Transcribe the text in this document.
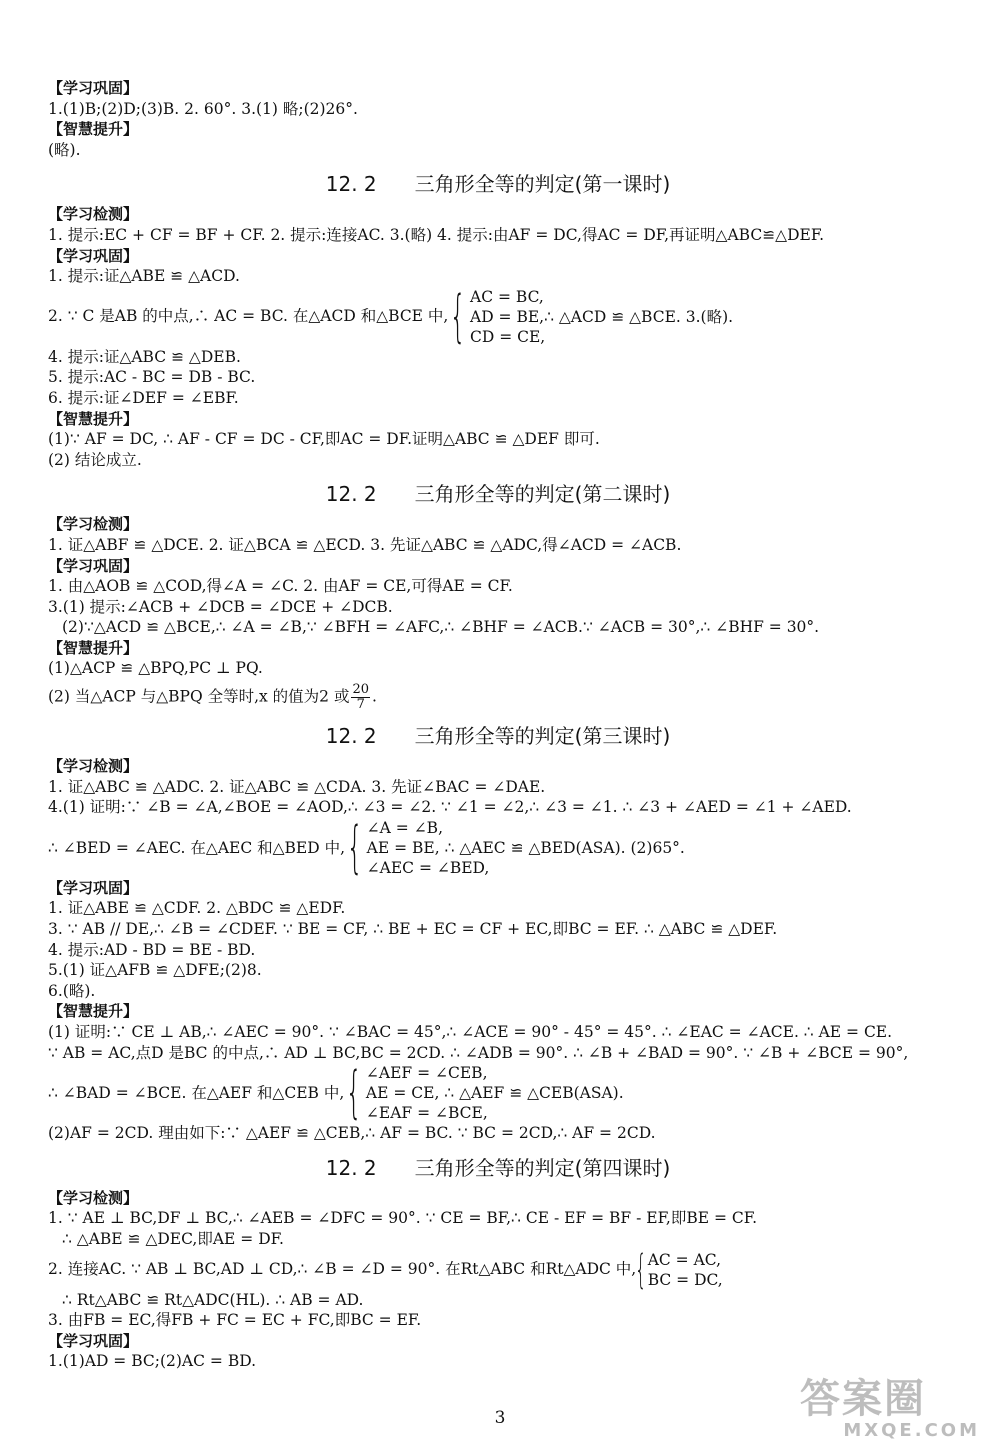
【学习巩固】
1.(1)B;(2)D;(3)B. 2. 60°. 3.(1) 略;(2)26°.
【智慧提升】
(略).
12. 2 三角形全等的判定(第一课时)
【学习检测】
1. 提示:EC + CF = BF + CF. 2. 提示:连接AC. 3.(略) 4. 提示:由AF = DC,得AC = DF,再证明△ABC≌△DEF.
【学习巩固】
1. 提示:证△ABE ≌ △ACD.
2. ∵ C 是AB 的中点,∴ AC = BC. 在△ACD 和△BCE 中, { AC = BC,
AD = BE,∴ △ACD ≌ △BCE. 3.(略).
CD = CE,
4. 提示:证△ABC ≌ △DEB.
5. 提示:AC - BC = DB - BC.
6. 提示:证∠DEF = ∠EBF.
【智慧提升】
(1)∵ AF = DC, ∴ AF - CF = DC - CF,即AC = DF.证明△ABC ≌ △DEF 即可.
(2) 结论成立.
12. 2 三角形全等的判定(第二课时)
【学习检测】
1. 证△ABF ≌ △DCE. 2. 证△BCA ≌ △ECD. 3. 先证△ABC ≌ △ADC,得∠ACD = ∠ACB.
【学习巩固】
1. 由△AOB ≌ △COD,得∠A = ∠C. 2. 由AF = CE,可得AE = CF.
3.(1) 提示:∠ACB + ∠DCB = ∠DCE + ∠DCB.
(2)∵△ACD ≌ △BCE,∴ ∠A = ∠B,∵ ∠BFH = ∠AFC,∴ ∠BHF = ∠ACB.∵ ∠ACB = 30°,∴ ∠BHF = 30°.
【智慧提升】
(1)△ACP ≌ △BPQ,PC ⊥ PQ.
(2) 当△ACP 与△BPQ 全等时,x 的值为2 或 $\frac{20}{7}$ .
12. 2 三角形全等的判定(第三课时)
【学习检测】
1. 证△ABC ≌ △ADC. 2. 证△ABC ≌ △CDA. 3. 先证∠BAC = ∠DAE.
4.(1) 证明:∵ ∠B = ∠A,∠BOE = ∠AOD,∴ ∠3 = ∠2. ∵ ∠1 = ∠2,∴ ∠3 = ∠1. ∴ ∠3 + ∠AED = ∠1 + ∠AED.
∴ ∠BED = ∠AEC. 在△AEC 和△BED 中, { ∠A = ∠B,
AE = BE, ∴ △AEC ≌ △BED(ASA). (2)65°.
∠AEC = ∠BED,
【学习巩固】
1. 证△ABE ≌ △CDF. 2. △BDC ≌ △EDF.
3. ∵ AB // DE,∴ ∠B = ∠CDEF. ∵ BE = CF, ∴ BE + EC = CF + EC,即BC = EF. ∴ △ABC ≌ △DEF.
4. 提示:AD - BD = BE - BD.
5.(1) 证△AFB ≌ △DFE;(2)8.
6.(略).
【智慧提升】
(1) 证明:∵ CE ⊥ AB,∴ ∠AEC = 90°. ∵ ∠BAC = 45°,∴ ∠ACE = 90° - 45° = 45°. ∴ ∠EAC = ∠ACE. ∴ AE = CE.
∵ AB = AC,点D 是BC 的中点,∴ AD ⊥ BC,BC = 2CD. ∴ ∠ADB = 90°. ∴ ∠B + ∠BAD = 90°. ∵ ∠B + ∠BCE = 90°,
∴ ∠BAD = ∠BCE. 在△AEF 和△CEB 中, { ∠AEF = ∠CEB,
AE = CE, ∴ △AEF ≌ △CEB(ASA).
∠EAF = ∠BCE,
(2)AF = 2CD. 理由如下:∵ △AEF ≌ △CEB,∴ AF = BC. ∵ BC = 2CD,∴ AF = 2CD.
12. 2 三角形全等的判定(第四课时)
【学习检测】
1. ∵ AE ⊥ BC,DF ⊥ BC,∴ ∠AEB = ∠DFC = 90°. ∵ CE = BF,∴ CE - EF = BF - EF,即BE = CF.
∴ △ABE ≌ △DEC,即AE = DF.
2. 连接AC. ∵ AB ⊥ BC,AD ⊥ CD,∴ ∠B = ∠D = 90°. 在Rt△ABC 和Rt△ADC 中,
{ AC = AC,
BC = DC,
∴ Rt△ABC ≌ Rt△ADC(HL). ∴ AB = AD.
3. 由FB = EC,得FB + FC = EC + FC,即BC = EF.
【学习巩固】
1.(1)AD = BC;(2)AC = BD.
3	答案圈
MXQE.COM
